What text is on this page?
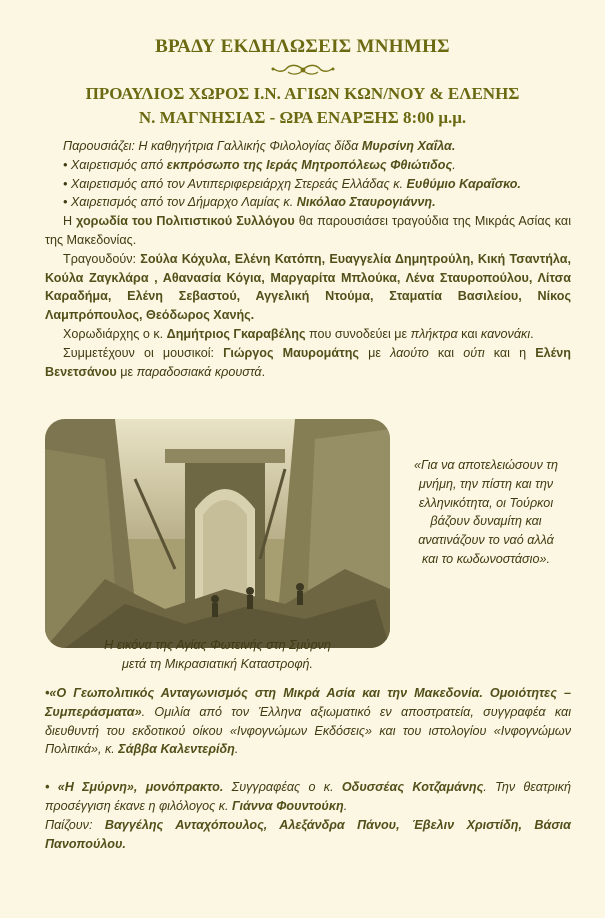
ΒΡΑΔΥ ΕΚΔΗΛΩΣΕΙΣ ΜΝΗΜΗΣ
ΠΡΟΑΥΛΙΟΣ ΧΩΡΟΣ Ι.Ν. ΑΓΙΩΝ ΚΩΝ/ΝΟΥ & ΕΛΕΝΗΣ
Ν. ΜΑΓΝΗΣΙΑΣ - ΩΡΑ ΕΝΑΡΞΗΣ 8:00 μ.μ.

Παρουσιάζει: Η καθηγήτρια Γαλλικής Φιλολογίας δίδα Μυρσίνη Χαΐλα.

• Χαιρετισμός από εκπρόσωπο της Ιεράς Μητροπόλεως Φθιώτιδος.

• Χαιρετισμός από τον Αντιπεριφερειάρχη Στερεάς Ελλάδας κ. Ευθύμιο Καραΐσκο.

• Χαιρετισμός από τον Δήμαρχο Λαμίας κ. Νικόλαο Σταυρογιάννη.

Η χορωδία του Πολιτιστικού Συλλόγου θα παρουσιάσει τραγούδια της Μικράς Ασίας και της Μακεδονίας.

Τραγουδούν: Σούλα Κόχυλα, Ελένη Κατόπη, Ευαγγελία Δημητρούλη, Κική Τσαντήλα, Κούλα Ζαγκλάρα , Αθανασία Κόγια, Μαργαρίτα Μπλούκα, Λένα Σταυροπούλου, Λίτσα Καραδήμα, Ελένη Σεβαστού, Αγγελική Ντούμα, Σταματία Βασιλείου, Νίκος Λαμπρόπουλος, Θεόδωρος Χανής.

Χορωδιάρχης ο κ. Δημήτριος Γκαραβέλης που συνοδεύει με πλήκτρα και κανονάκι.

Συμμετέχουν οι μουσικοί: Γιώργος Μαυρομάτης με λαούτο και ούτι και η Ελένη Βενετσάνου με παραδοσιακά κρουστά.

«Για να αποτελειώσουν τη
μνήμη, την πίστη και την
ελληνικότητα, οι Τούρκοι
βάζουν δυναμίτη και
ανατινάζουν το ναό αλλά
και το κωδωνοστάσιο».
Η εικόνα της Αγίας Φωτεινής στη Σμύρνη
μετά τη Μικρασιατική Καταστροφή.

•«Ο Γεωπολιτικός Ανταγωνισμός στη Μικρά Ασία και την Μακεδονία. Ομοιότητες – Συμπεράσματα». Ομιλία από τον Έλληνα αξιωματικό εν αποστρατεία, συγγραφέα και διευθυντή του εκδοτικού οίκου «Ινφογνώμων Εκδόσεις» και του ιστολογίου «Ινφογνώμων Πολιτικά», κ. Σάββα Καλεντερίδη.

• «Η Σμύρνη», μονόπρακτο. Συγγραφέας ο κ. Οδυσσέας Κοτζαμάνης. Την θεατρική προσέγγιση έκανε η φιλόλογος κ. Γιάννα Φουντούκη.

Παίζουν: Βαγγέλης Ανταχόπουλος, Αλεξάνδρα Πάνου, Έβελιν Χριστίδη, Βάσια Πανοπούλου.
